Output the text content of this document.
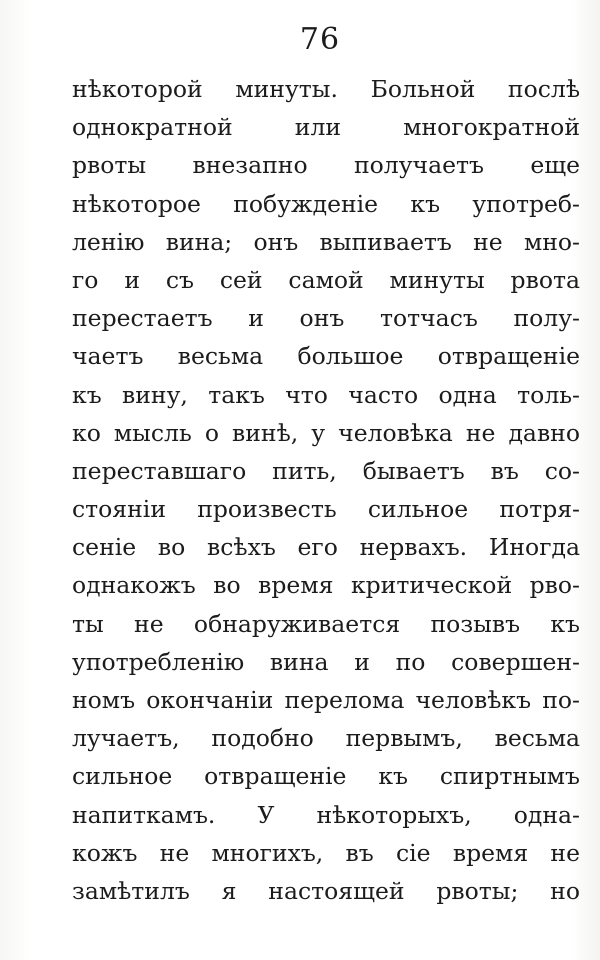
76
нѣкоторой минуты. Больной послѣ
однократной или многократной
рвоты внезапно получаетъ еще
нѣкоторое побужденіе къ употреб-
ленію вина; онъ выпиваетъ не мно-
го и съ сей самой минуты рвота
перестаетъ и онъ тотчасъ полу-
чаетъ весьма большое отвращеніе
къ вину, такъ что часто одна толь-
ко мысль о винѣ, у человѣка не давно
переставшаго пить, бываетъ въ со-
стояніи произвесть сильное потря-
сеніе во всѣхъ его нервахъ. Иногда
однакожъ во время критической рво-
ты не обнаруживается позывъ къ
употребленію вина и по совершен-
номъ окончаніи перелома человѣкъ по-
лучаетъ, подобно первымъ, весьма
сильное отвращеніе къ спиртнымъ
напиткамъ. У нѣкоторыхъ, одна-
кожъ не многихъ, въ сіе время не
замѣтилъ я настоящей рвоты; но
